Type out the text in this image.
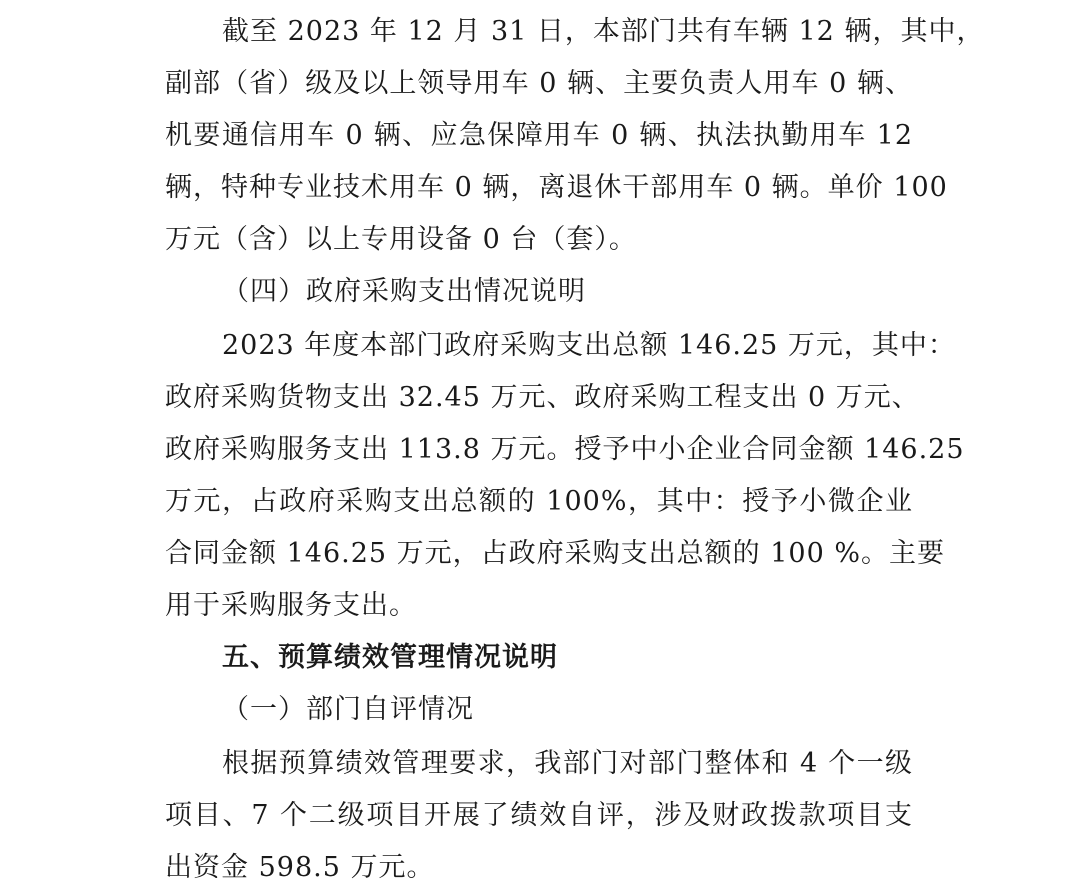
截至 2023 年 12 月 31 日，本部门共有车辆 12 辆，其中，
副部（省）级及以上领导用车 0 辆、主要负责人用车 0 辆、
机要通信用车 0 辆、应急保障用车 0 辆、执法执勤用车 12
辆，特种专业技术用车 0 辆，离退休干部用车 0 辆。单价 100
万元（含）以上专用设备 0 台（套）。
（四）政府采购支出情况说明
2023 年度本部门政府采购支出总额 146.25 万元，其中：
政府采购货物支出 32.45 万元、政府采购工程支出 0 万元、
政府采购服务支出 113.8 万元。授予中小企业合同金额 146.25
万元，占政府采购支出总额的 100%，其中：授予小微企业
合同金额 146.25 万元，占政府采购支出总额的 100 %。主要
用于采购服务支出。
五、预算绩效管理情况说明
（一）部门自评情况
根据预算绩效管理要求，我部门对部门整体和 4 个一级
项目、7 个二级项目开展了绩效自评，涉及财政拨款项目支
出资金 598.5 万元。
